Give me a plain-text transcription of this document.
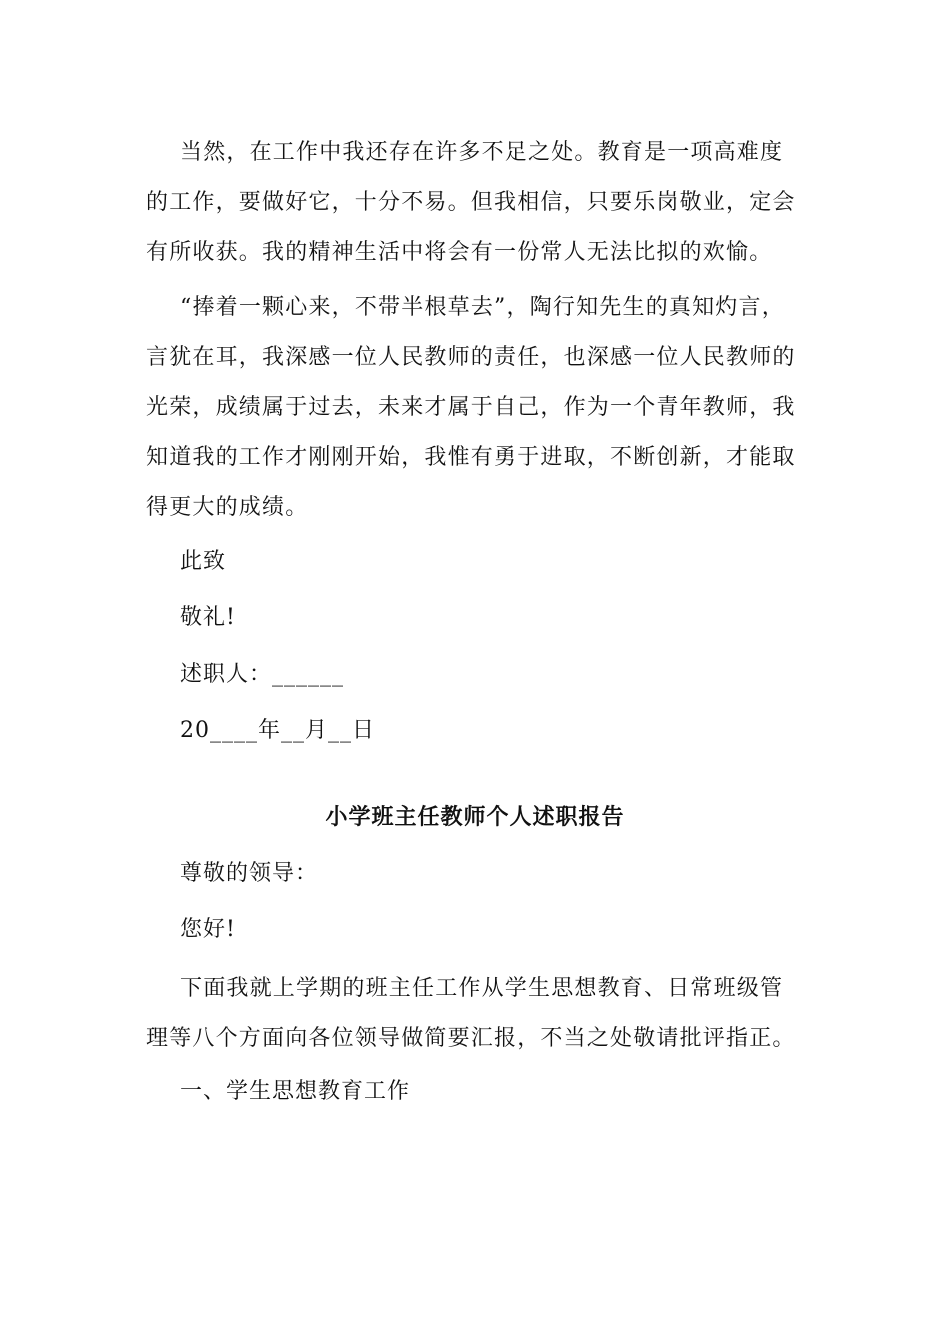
当然，在工作中我还存在许多不足之处。教育是一项高难度的工作，要做好它，十分不易。但我相信，只要乐岗敬业，定会有所收获。我的精神生活中将会有一份常人无法比拟的欢愉。
“捧着一颗心来，不带半根草去”，陶行知先生的真知灼言，言犹在耳，我深感一位人民教师的责任，也深感一位人民教师的光荣，成绩属于过去，未来才属于自己，作为一个青年教师，我知道我的工作才刚刚开始，我惟有勇于进取，不断创新，才能取得更大的成绩。
此致
敬礼!
述职人：______
20____年__月__日
小学班主任教师个人述职报告
尊敬的领导：
您好!
下面我就上学期的班主任工作从学生思想教育、日常班级管理等八个方面向各位领导做简要汇报，不当之处敬请批评指正。
一、学生思想教育工作
